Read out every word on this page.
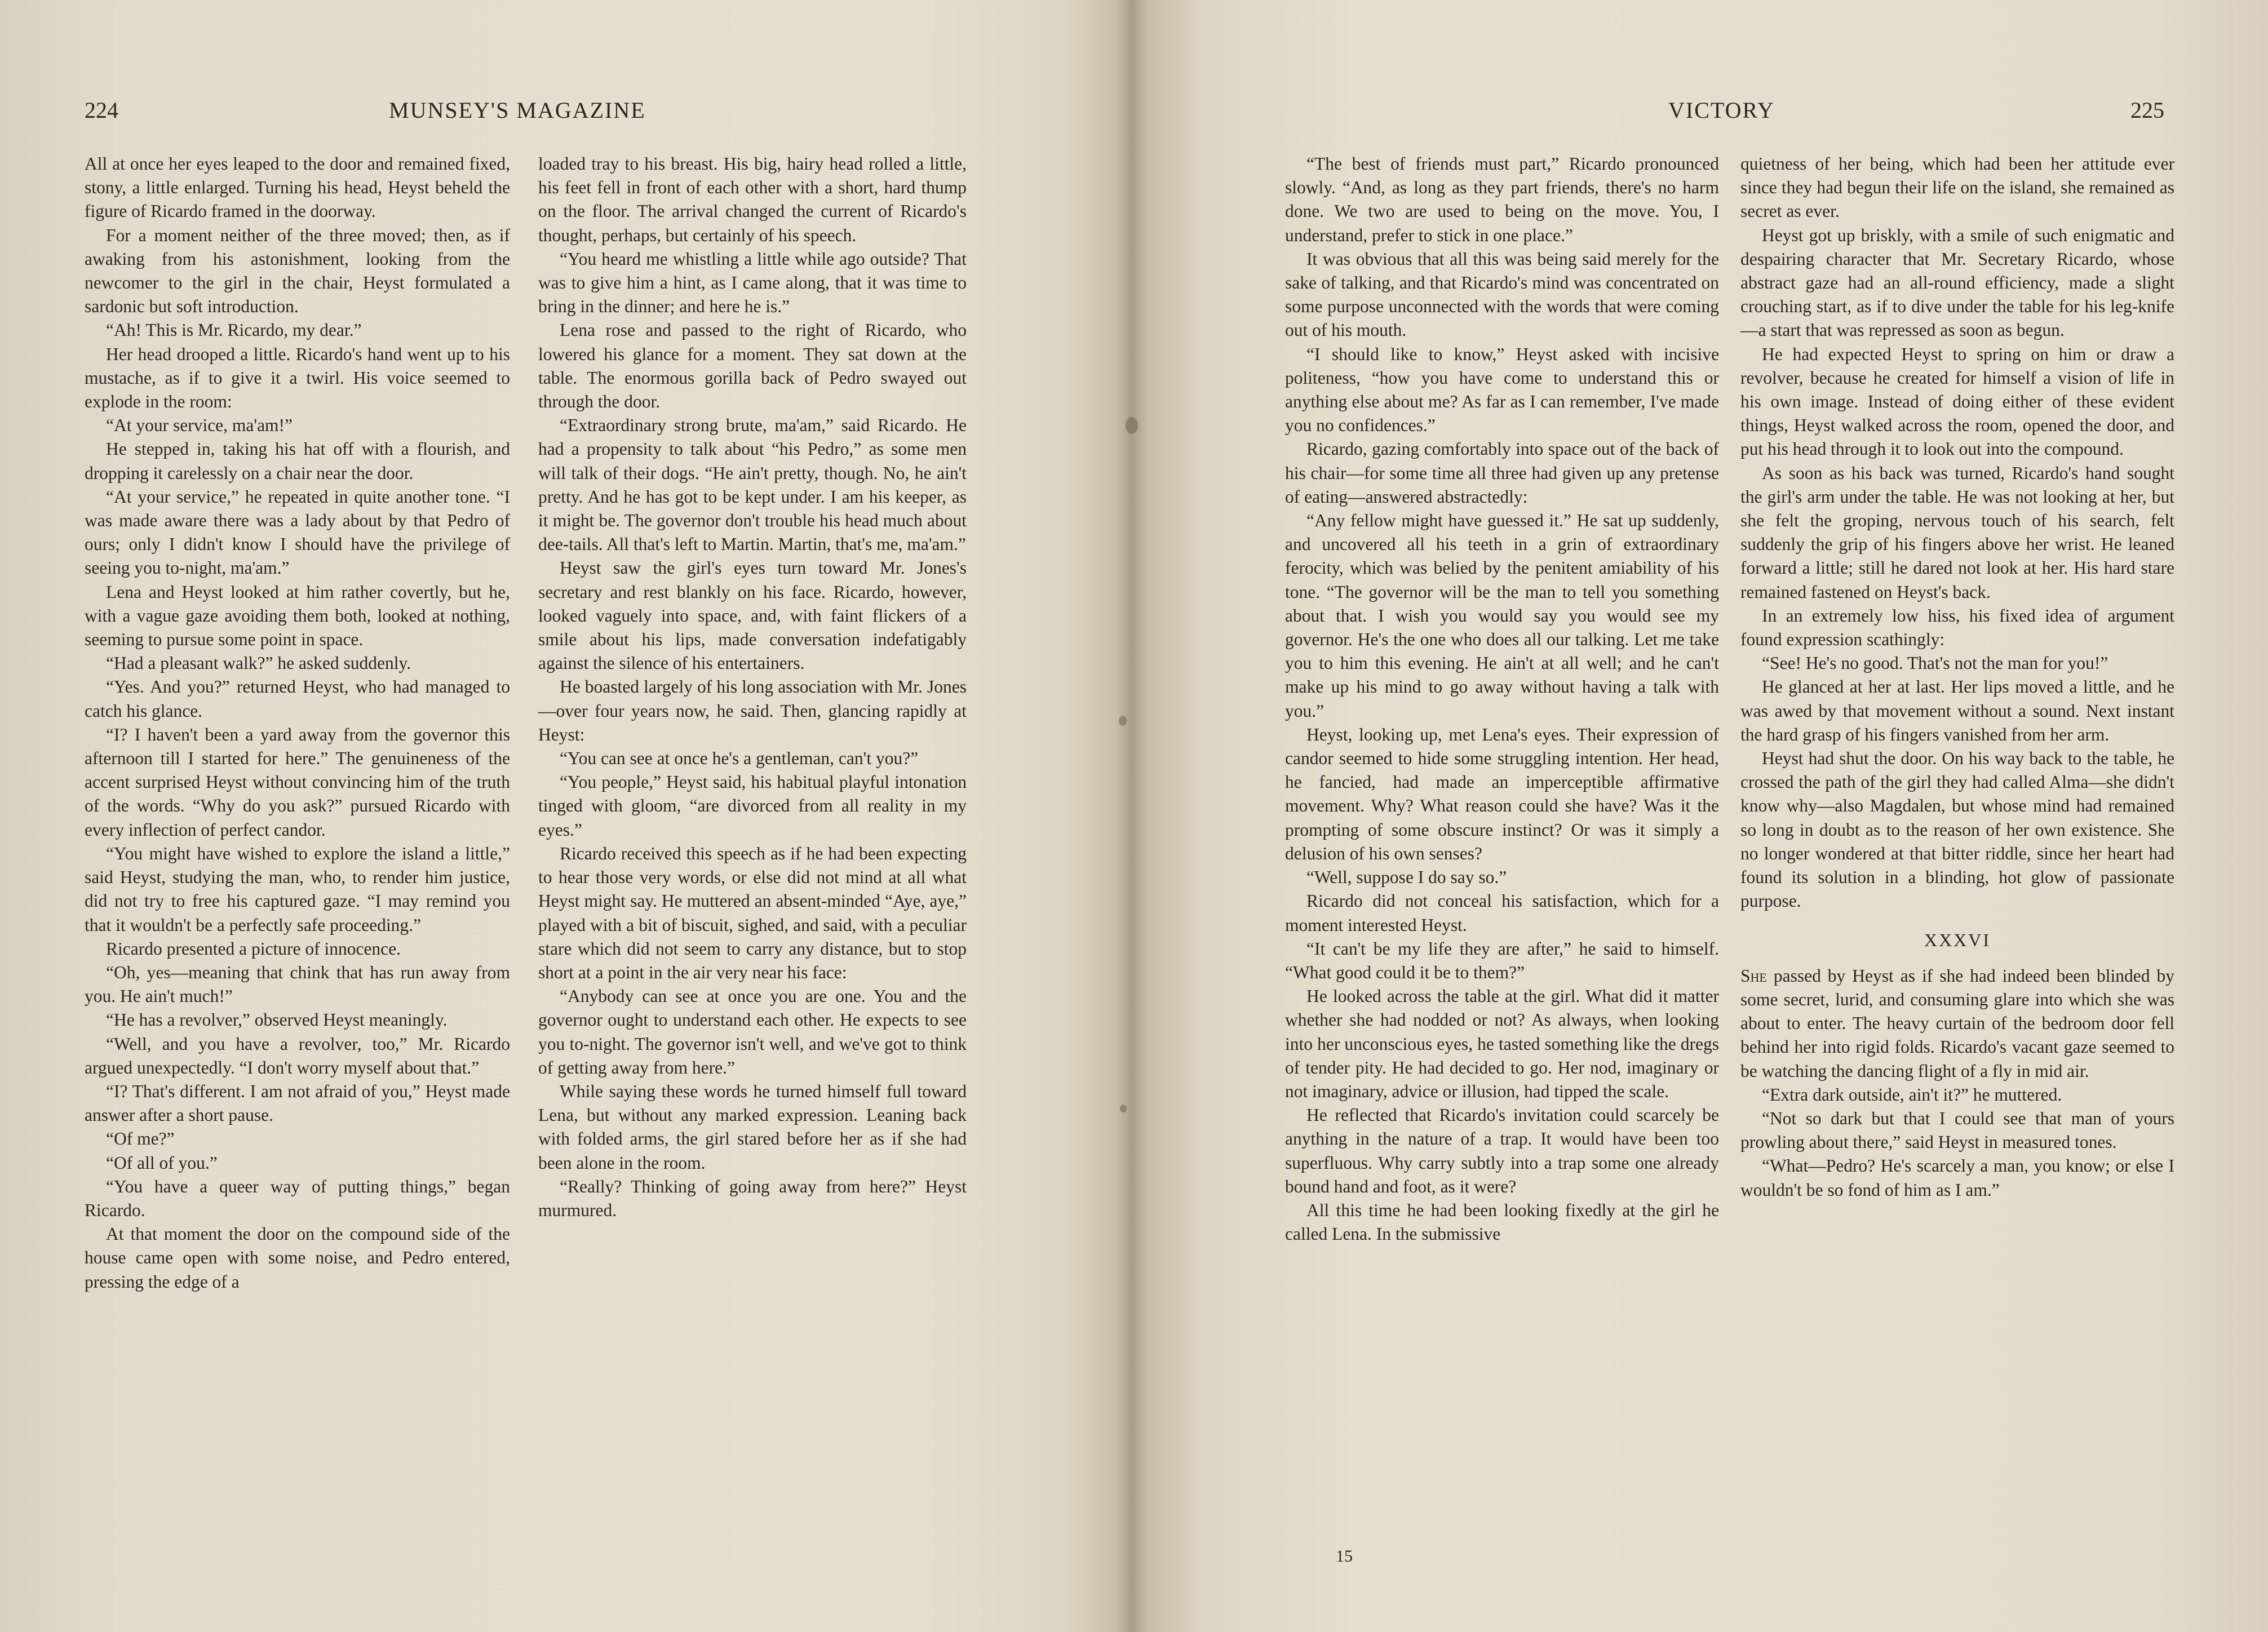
224	MUNSEY'S MAGAZINE

All at once her eyes leaped to the door and remained fixed, stony, a little enlarged. Turning his head, Heyst beheld the figure of Ricardo framed in the doorway.

For a moment neither of the three moved; then, as if awaking from his astonishment, looking from the newcomer to the girl in the chair, Heyst formulated a sardonic but soft introduction.

“Ah! This is Mr. Ricardo, my dear.”

Her head drooped a little. Ricardo's hand went up to his mustache, as if to give it a twirl. His voice seemed to explode in the room:

“At your service, ma'am!”

He stepped in, taking his hat off with a flourish, and dropping it carelessly on a chair near the door.

“At your service,” he repeated in quite another tone. “I was made aware there was a lady about by that Pedro of ours; only I didn't know I should have the privilege of seeing you to-night, ma'am.”

Lena and Heyst looked at him rather covertly, but he, with a vague gaze avoiding them both, looked at nothing, seeming to pursue some point in space.

“Had a pleasant walk?” he asked suddenly.

“Yes. And you?” returned Heyst, who had managed to catch his glance.

“I? I haven't been a yard away from the governor this afternoon till I started for here.” The genuineness of the accent surprised Heyst without convincing him of the truth of the words. “Why do you ask?” pursued Ricardo with every inflection of perfect candor.

“You might have wished to explore the island a little,” said Heyst, studying the man, who, to render him justice, did not try to free his captured gaze. “I may remind you that it wouldn't be a perfectly safe proceeding.”

Ricardo presented a picture of innocence.

“Oh, yes—meaning that chink that has run away from you. He ain't much!”

“He has a revolver,” observed Heyst meaningly.

“Well, and you have a revolver, too,” Mr. Ricardo argued unexpectedly. “I don't worry myself about that.”

“I? That's different. I am not afraid of you,” Heyst made answer after a short pause.

“Of me?”

“Of all of you.”

“You have a queer way of putting things,” began Ricardo.

At that moment the door on the compound side of the house came open with some noise, and Pedro entered, pressing the edge of a

loaded tray to his breast. His big, hairy head rolled a little, his feet fell in front of each other with a short, hard thump on the floor. The arrival changed the current of Ricardo's thought, perhaps, but certainly of his speech.

“You heard me whistling a little while ago outside? That was to give him a hint, as I came along, that it was time to bring in the dinner; and here he is.”

Lena rose and passed to the right of Ricardo, who lowered his glance for a moment. They sat down at the table. The enormous gorilla back of Pedro swayed out through the door.

“Extraordinary strong brute, ma'am,” said Ricardo. He had a propensity to talk about “his Pedro,” as some men will talk of their dogs. “He ain't pretty, though. No, he ain't pretty. And he has got to be kept under. I am his keeper, as it might be. The governor don't trouble his head much about dee-tails. All that's left to Martin. Martin, that's me, ma'am.”

Heyst saw the girl's eyes turn toward Mr. Jones's secretary and rest blankly on his face. Ricardo, however, looked vaguely into space, and, with faint flickers of a smile about his lips, made conversation indefatigably against the silence of his entertainers.

He boasted largely of his long association with Mr. Jones—over four years now, he said. Then, glancing rapidly at Heyst:

“You can see at once he's a gentleman, can't you?”

“You people,” Heyst said, his habitual playful intonation tinged with gloom, “are divorced from all reality in my eyes.”

Ricardo received this speech as if he had been expecting to hear those very words, or else did not mind at all what Heyst might say. He muttered an absent-minded “Aye, aye,” played with a bit of biscuit, sighed, and said, with a peculiar stare which did not seem to carry any distance, but to stop short at a point in the air very near his face:

“Anybody can see at once you are one. You and the governor ought to understand each other. He expects to see you to-night. The governor isn't well, and we've got to think of getting away from here.”

While saying these words he turned himself full toward Lena, but without any marked expression. Leaning back with folded arms, the girl stared before her as if she had been alone in the room.

“Really? Thinking of going away from here?” Heyst murmured.

VICTORY	225

“The best of friends must part,” Ricardo pronounced slowly. “And, as long as they part friends, there's no harm done. We two are used to being on the move. You, I understand, prefer to stick in one place.”

It was obvious that all this was being said merely for the sake of talking, and that Ricardo's mind was concentrated on some purpose unconnected with the words that were coming out of his mouth.

“I should like to know,” Heyst asked with incisive politeness, “how you have come to understand this or anything else about me? As far as I can remember, I've made you no confidences.”

Ricardo, gazing comfortably into space out of the back of his chair—for some time all three had given up any pretense of eating—answered abstractedly:

“Any fellow might have guessed it.” He sat up suddenly, and uncovered all his teeth in a grin of extraordinary ferocity, which was belied by the penitent amiability of his tone. “The governor will be the man to tell you something about that. I wish you would say you would see my governor. He's the one who does all our talking. Let me take you to him this evening. He ain't at all well; and he can't make up his mind to go away without having a talk with you.”

Heyst, looking up, met Lena's eyes. Their expression of candor seemed to hide some struggling intention. Her head, he fancied, had made an imperceptible affirmative movement. Why? What reason could she have? Was it the prompting of some obscure instinct? Or was it simply a delusion of his own senses?

“Well, suppose I do say so.”

Ricardo did not conceal his satisfaction, which for a moment interested Heyst.

“It can't be my life they are after,” he said to himself. “What good could it be to them?”

He looked across the table at the girl. What did it matter whether she had nodded or not? As always, when looking into her unconscious eyes, he tasted something like the dregs of tender pity. He had decided to go. Her nod, imaginary or not imaginary, advice or illusion, had tipped the scale.

He reflected that Ricardo's invitation could scarcely be anything in the nature of a trap. It would have been too superfluous. Why carry subtly into a trap some one already bound hand and foot, as it were?

All this time he had been looking fixedly at the girl he called Lena. In the submissive

quietness of her being, which had been her attitude ever since they had begun their life on the island, she remained as secret as ever.

Heyst got up briskly, with a smile of such enigmatic and despairing character that Mr. Secretary Ricardo, whose abstract gaze had an all-round efficiency, made a slight crouching start, as if to dive under the table for his leg-knife—a start that was repressed as soon as begun.

He had expected Heyst to spring on him or draw a revolver, because he created for himself a vision of life in his own image. Instead of doing either of these evident things, Heyst walked across the room, opened the door, and put his head through it to look out into the compound.

As soon as his back was turned, Ricardo's hand sought the girl's arm under the table. He was not looking at her, but she felt the groping, nervous touch of his search, felt suddenly the grip of his fingers above her wrist. He leaned forward a little; still he dared not look at her. His hard stare remained fastened on Heyst's back.

In an extremely low hiss, his fixed idea of argument found expression scathingly:

“See! He's no good. That's not the man for you!”

He glanced at her at last. Her lips moved a little, and he was awed by that movement without a sound. Next instant the hard grasp of his fingers vanished from her arm.

Heyst had shut the door. On his way back to the table, he crossed the path of the girl they had called Alma—she didn't know why—also Magdalen, but whose mind had remained so long in doubt as to the reason of her own existence. She no longer wondered at that bitter riddle, since her heart had found its solution in a blinding, hot glow of passionate purpose.

XXXVI

She passed by Heyst as if she had indeed been blinded by some secret, lurid, and consuming glare into which she was about to enter. The heavy curtain of the bedroom door fell behind her into rigid folds. Ricardo's vacant gaze seemed to be watching the dancing flight of a fly in mid air.

“Extra dark outside, ain't it?” he muttered.

“Not so dark but that I could see that man of yours prowling about there,” said Heyst in measured tones.

“What—Pedro? He's scarcely a man, you know; or else I wouldn't be so fond of him as I am.”

15
